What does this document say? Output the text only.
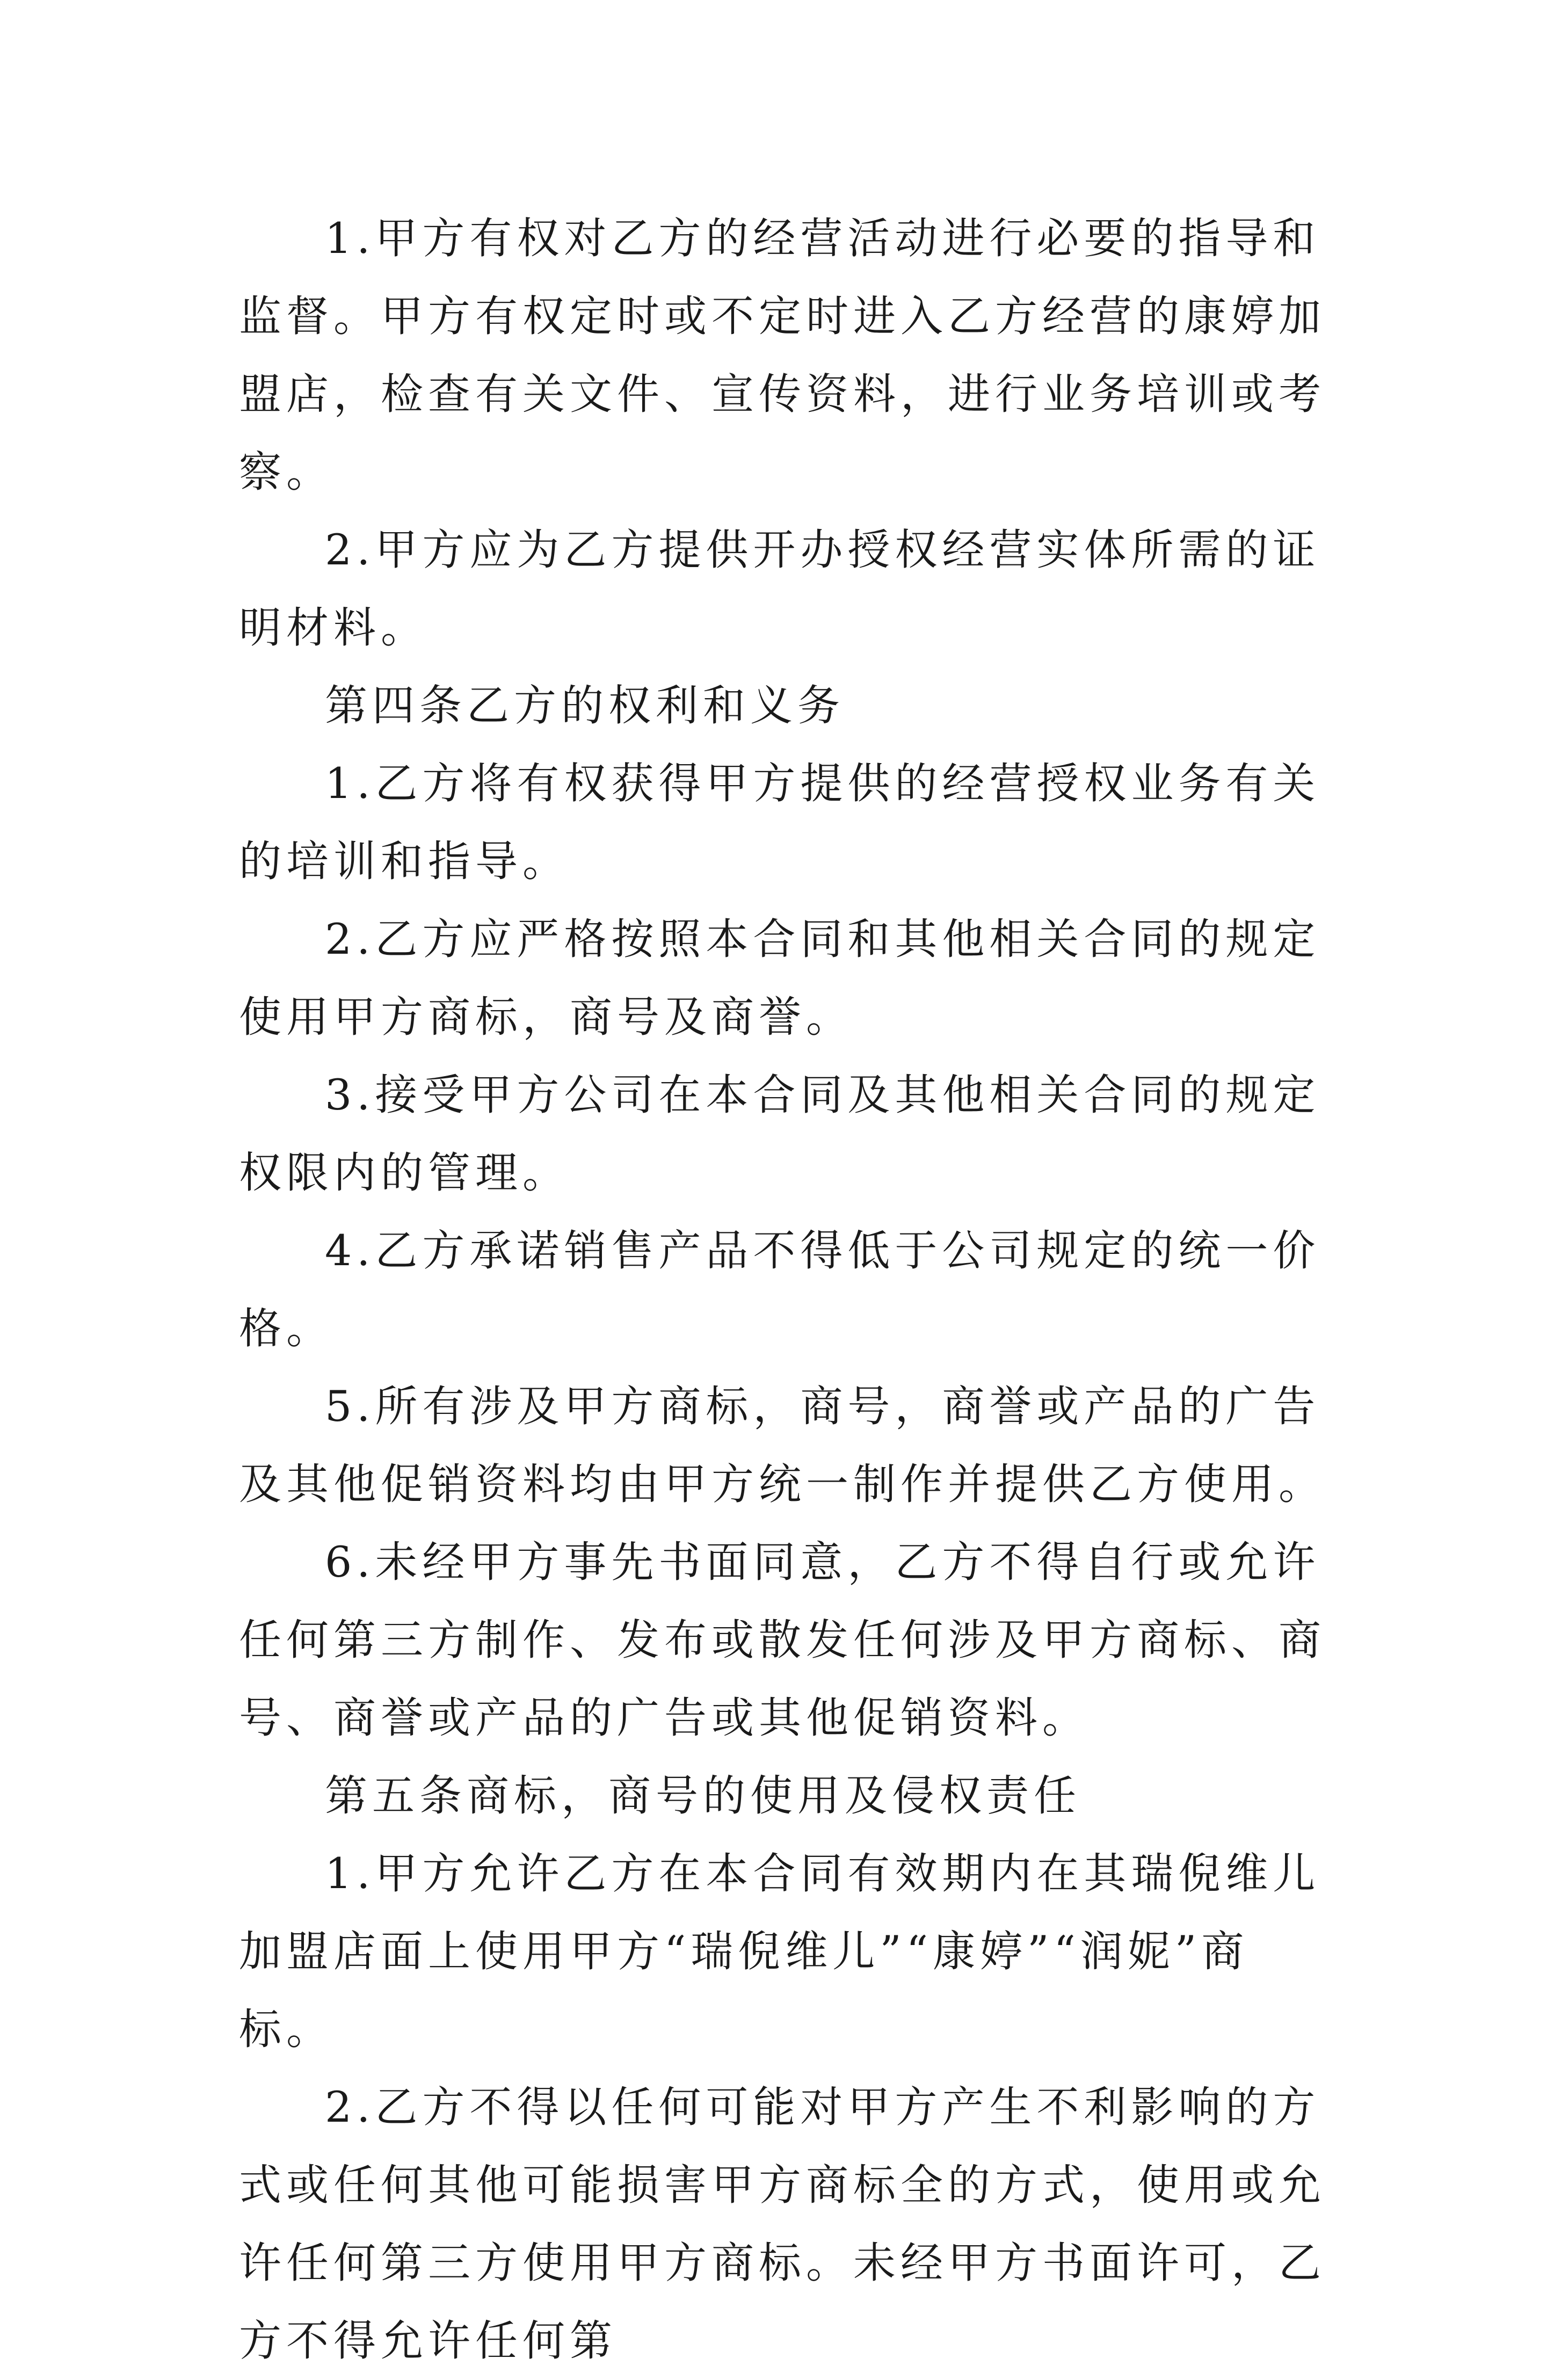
1.甲方有权对乙方的经营活动进行必要的指导和监督。甲方有权定时或不定时进入乙方经营的康婷加盟店，检查有关文件、宣传资料，进行业务培训或考察。

2.甲方应为乙方提供开办授权经营实体所需的证明材料。

第四条乙方的权利和义务

1.乙方将有权获得甲方提供的经营授权业务有关的培训和指导。

2.乙方应严格按照本合同和其他相关合同的规定使用甲方商标，商号及商誉。

3.接受甲方公司在本合同及其他相关合同的规定权限内的管理。

4.乙方承诺销售产品不得低于公司规定的统一价格。

5.所有涉及甲方商标，商号，商誉或产品的广告及其他促销资料均由甲方统一制作并提供乙方使用。

6.未经甲方事先书面同意，乙方不得自行或允许任何第三方制作、发布或散发任何涉及甲方商标、商号、商誉或产品的广告或其他促销资料。

第五条商标，商号的使用及侵权责任

1.甲方允许乙方在本合同有效期内在其瑞倪维儿加盟店面上使用甲方“瑞倪维儿”“康婷”“润妮”商标。

2.乙方不得以任何可能对甲方产生不利影响的方式或任何其他可能损害甲方商标全的方式，使用或允许任何第三方使用甲方商标。未经甲方书面许可，乙方不得允许任何第
